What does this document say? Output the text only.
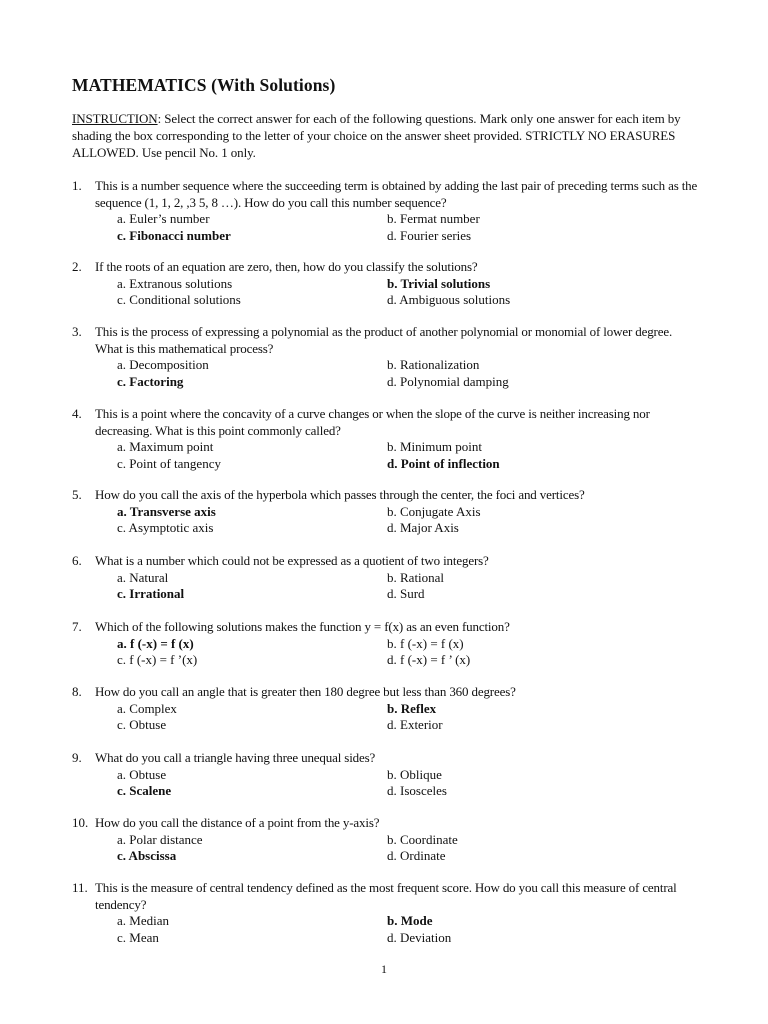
MATHEMATICS (With Solutions)

INSTRUCTION: Select the correct answer for each of the following questions. Mark only one answer for each item by shading the box corresponding to the letter of your choice on the answer sheet provided. STRICTLY NO ERASURES ALLOWED. Use pencil No. 1 only.

1.	This is a number sequence where the succeeding term is obtained by adding the last pair of preceding terms such as the sequence (1, 1, 2, ,3 5, 8 …). How do you call this number sequence?
a. Euler’s number	b. Fermat number
c. Fibonacci number	d. Fourier series
2.	If the roots of an equation are zero, then, how do you classify the solutions?
a. Extranous solutions	b. Trivial solutions
c. Conditional solutions	d. Ambiguous solutions
3.	This is the process of expressing a polynomial as the product of another polynomial or monomial of lower degree. What is this mathematical process?
a. Decomposition	b. Rationalization
c. Factoring	d. Polynomial damping
4.	This is a point where the concavity of a curve changes or when the slope of the curve is neither increasing nor decreasing. What is this point commonly called?
a. Maximum point	b. Minimum point
c. Point of tangency	d. Point of inflection
5.	How do you call the axis of the hyperbola which passes through the center, the foci and vertices?
a. Transverse axis	b. Conjugate Axis
c. Asymptotic axis	d. Major Axis
6.	What is a number which could not be expressed as a quotient of two integers?
a. Natural	b. Rational
c. Irrational	d. Surd
7.	Which of the following solutions makes the function y = f(x) as an even function?
a. f (-x) = f (x)	b. f (-x) = f (x)
c. f (-x) = f ’(x)	d. f (-x) = f ’ (x)
8.	How do you call an angle that is greater then 180 degree but less than 360 degrees?
a. Complex	b. Reflex
c. Obtuse	d. Exterior
9.	What do you call a triangle having three unequal sides?
a. Obtuse	b. Oblique
c. Scalene	d. Isosceles
10. How do you call the distance of a point from the y-axis?
a. Polar distance	b. Coordinate
c. Abscissa	d. Ordinate
11. This is the measure of central tendency defined as the most frequent score. How do you call this measure of central tendency?
a. Median	b. Mode
c. Mean	d. Deviation
1
